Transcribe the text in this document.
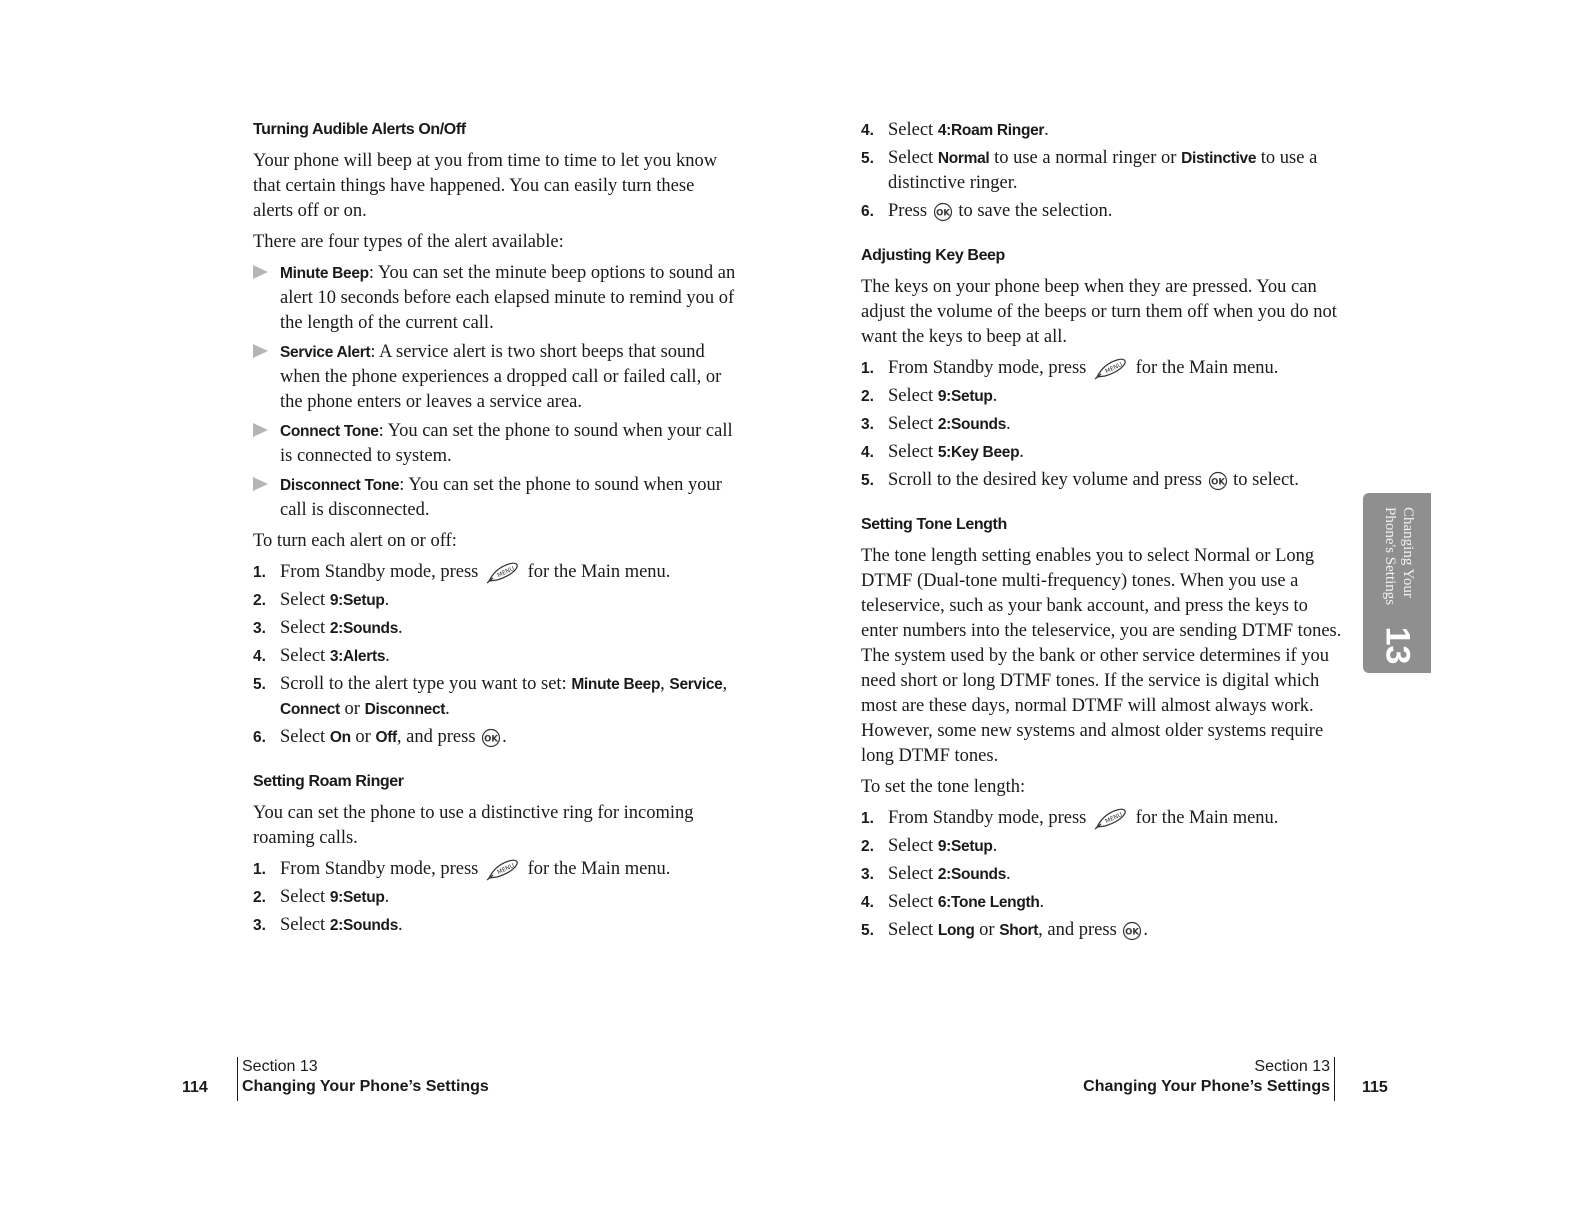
Turning Audible Alerts On/Off

Your phone will beep at you from time to time to let you know that certain things have happened. You can easily turn these alerts off or on.

There are four types of the alert available:

Minute Beep: You can set the minute beep options to sound an alert 10 seconds before each elapsed minute to remind you of the length of the current call.
Service Alert: A service alert is two short beeps that sound when the phone experiences a dropped call or failed call, or the phone enters or leaves a service area.
Connect Tone: You can set the phone to sound when your call is connected to system.
Disconnect Tone: You can set the phone to sound when your call is disconnected.

To turn each alert on or off:

1. From Standby mode, press	MENU for the Main menu.
2. Select 9:Setup.
3. Select 2:Sounds.
4. Select 3:Alerts.
5. Scroll to the alert type you want to set: Minute Beep, Service, Connect or Disconnect.
6. Select On or Off, and press OK .
Setting Roam Ringer

You can set the phone to use a distinctive ring for incoming roaming calls.

1. From Standby mode, press	MENU for the Main menu.
2. Select 9:Setup.
3. Select 2:Sounds.
4. Select 4:Roam Ringer.
5. Select Normal to use a normal ringer or Distinctive to use a distinctive ringer.
6. Press OK to save the selection.
Adjusting Key Beep

The keys on your phone beep when they are pressed. You can adjust the volume of the beeps or turn them off when you do not want the keys to beep at all.

1. From Standby mode, press	MENU for the Main menu.
2. Select 9:Setup.
3. Select 2:Sounds.
4. Select 5:Key Beep.
5. Scroll to the desired key volume and press OK to select.
Setting Tone Length

The tone length setting enables you to select Normal or Long DTMF (Dual-tone multi-frequency) tones. When you use a teleservice, such as your bank account, and press the keys to enter numbers into the teleservice, you are sending DTMF tones. The system used by the bank or other service determines if you need short or long DTMF tones. If the service is digital which most are these days, normal DTMF will almost always work. However, some new systems and almost older systems require long DTMF tones.

To set the tone length:

1. From Standby mode, press	MENU for the Main menu.
2. Select 9:Setup.
3. Select 2:Sounds.
4. Select 6:Tone Length.
5. Select Long or Short, and press OK .
Changing Your
Phone's Settings
13
114
Section 13
Changing Your Phone’s Settings
Section 13
Changing Your Phone’s Settings 115
